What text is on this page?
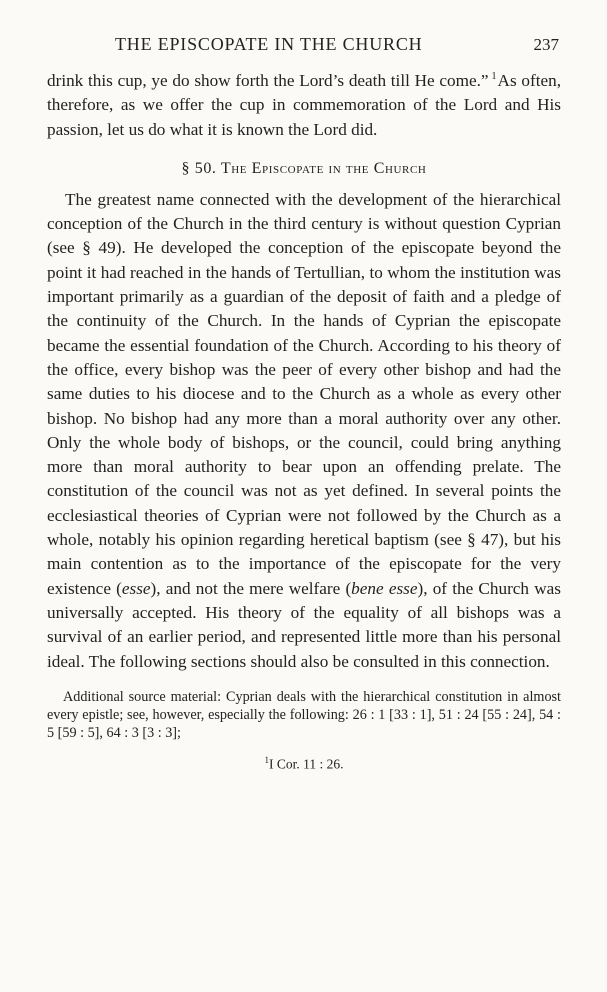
THE EPISCOPATE IN THE CHURCH	237

drink this cup, ye do show forth the Lord’s death till He come.” $^1$As often, therefore, as we offer the cup in commemoration of the Lord and His passion, let us do what it is known the Lord did.

§ 50. The Episcopate in the Church

The greatest name connected with the development of the hierarchical conception of the Church in the third century is without question Cyprian (see § 49). He developed the conception of the episcopate beyond the point it had reached in the hands of Tertullian, to whom the institution was important primarily as a guardian of the deposit of faith and a pledge of the continuity of the Church. In the hands of Cyprian the episcopate became the essential foundation of the Church. According to his theory of the office, every bishop was the peer of every other bishop and had the same duties to his diocese and to the Church as a whole as every other bishop. No bishop had any more than a moral authority over any other. Only the whole body of bishops, or the council, could bring anything more than moral authority to bear upon an offending prelate. The constitution of the council was not as yet defined. In several points the ecclesiastical theories of Cyprian were not followed by the Church as a whole, notably his opinion regarding heretical baptism (see § 47), but his main contention as to the importance of the episcopate for the very existence (esse), and not the mere welfare (bene esse), of the Church was universally accepted. His theory of the equality of all bishops was a survival of an earlier period, and represented little more than his personal ideal. The following sections should also be consulted in this connection.

Additional source material: Cyprian deals with the hierarchical constitution in almost every epistle; see, however, especially the following: 26 : 1 [33 : 1], 51 : 24 [55 : 24], 54 : 5 [59 : 5], 64 : 3 [3 : 3];
$^1$I Cor. 11 : 26.
